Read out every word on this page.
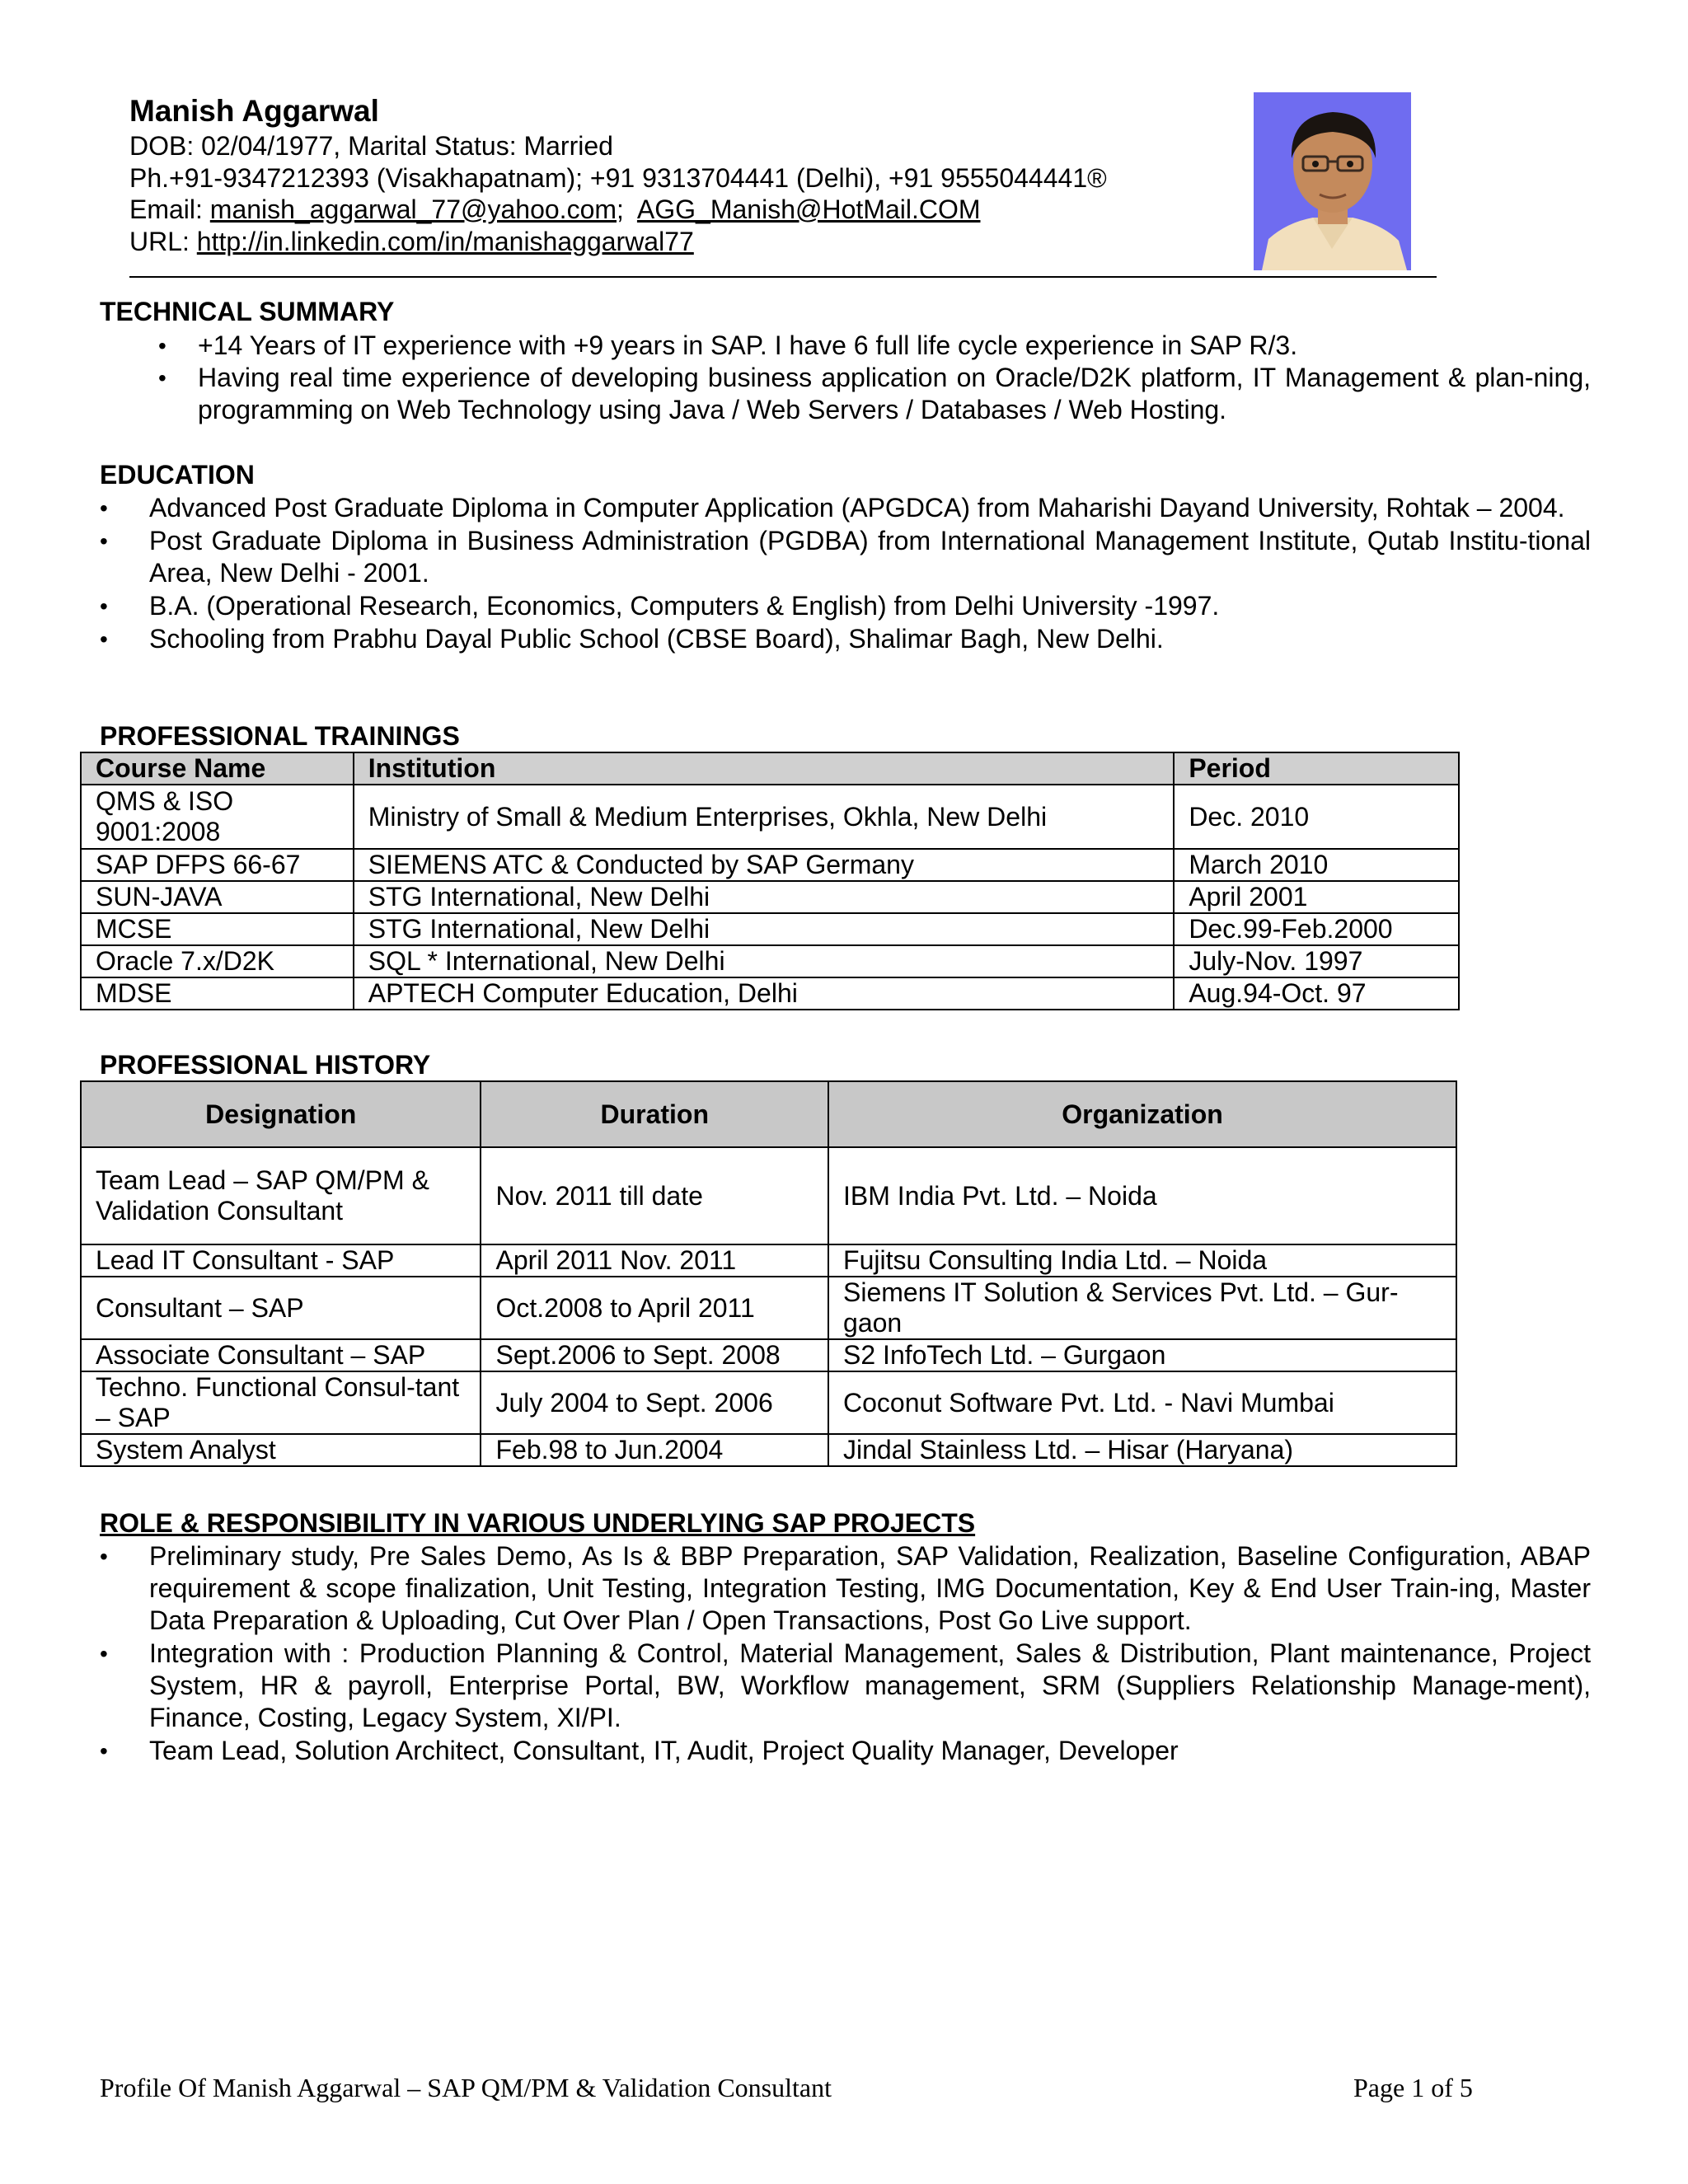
Manish Aggarwal
DOB: 02/04/1977, Marital Status: Married
Ph.+91-9347212393 (Visakhapatnam); +91 9313704441 (Delhi), +91 9555044441®
Email: manish_aggarwal_77@yahoo.com;  AGG_Manish@HotMail.COM
URL: http://in.linkedin.com/in/manishaggarwal77
TECHNICAL SUMMARY
• +14 Years of IT experience with +9 years in SAP. I have 6 full life cycle experience in SAP R/3.
• Having real time experience of developing business application on Oracle/D2K platform, IT Management & plan-ning, programming on Web Technology using Java / Web Servers / Databases / Web Hosting.
EDUCATION
• Advanced Post Graduate Diploma in Computer Application (APGDCA) from Maharishi Dayand University, Rohtak – 2004.
• Post Graduate Diploma in Business Administration (PGDBA) from International Management Institute, Qutab Institu-tional Area, New Delhi - 2001.
• B.A. (Operational Research, Economics, Computers & English) from Delhi University -1997.
• Schooling from Prabhu Dayal Public School (CBSE Board), Shalimar Bagh, New Delhi.
PROFESSIONAL TRAININGS
Course Name	Institution	Period
QMS & ISO 9001:2008	Ministry of Small & Medium Enterprises, Okhla, New Delhi	Dec. 2010
SAP DFPS 66-67	SIEMENS ATC & Conducted by SAP Germany	March 2010
SUN-JAVA	STG International, New Delhi	April 2001
MCSE	STG International, New Delhi	Dec.99-Feb.2000
Oracle 7.x/D2K	SQL * International, New Delhi	July-Nov. 1997
MDSE	APTECH Computer Education, Delhi	Aug.94-Oct. 97
PROFESSIONAL HISTORY
Designation	Duration	Organization
Team Lead – SAP QM/PM & Validation Consultant	Nov. 2011 till date	IBM India Pvt. Ltd. – Noida
Lead IT Consultant - SAP	April 2011 Nov. 2011	Fujitsu Consulting India Ltd. – Noida
Consultant – SAP	Oct.2008 to April 2011	Siemens IT Solution & Services Pvt. Ltd. – Gur-gaon
Associate Consultant – SAP	Sept.2006 to Sept. 2008	S2 InfoTech Ltd. – Gurgaon
Techno. Functional Consul-tant – SAP	July 2004 to Sept. 2006	Coconut Software Pvt. Ltd. - Navi Mumbai
System Analyst	Feb.98 to Jun.2004	Jindal Stainless Ltd. – Hisar (Haryana)
ROLE & RESPONSIBILITY IN VARIOUS UNDERLYING SAP PROJECTS
• Preliminary study, Pre Sales Demo, As Is & BBP Preparation, SAP Validation, Realization, Baseline Configuration, ABAP requirement & scope finalization, Unit Testing, Integration Testing, IMG Documentation, Key & End User Train-ing, Master Data Preparation & Uploading, Cut Over Plan / Open Transactions, Post Go Live support.
• Integration with : Production Planning & Control, Material Management, Sales & Distribution, Plant maintenance, Project System, HR & payroll, Enterprise Portal, BW, Workflow management, SRM (Suppliers Relationship Manage-ment), Finance, Costing, Legacy System, XI/PI.
• Team Lead, Solution Architect, Consultant, IT, Audit, Project Quality Manager, Developer
Profile Of Manish Aggarwal – SAP QM/PM & Validation Consultant	Page 1 of 5
